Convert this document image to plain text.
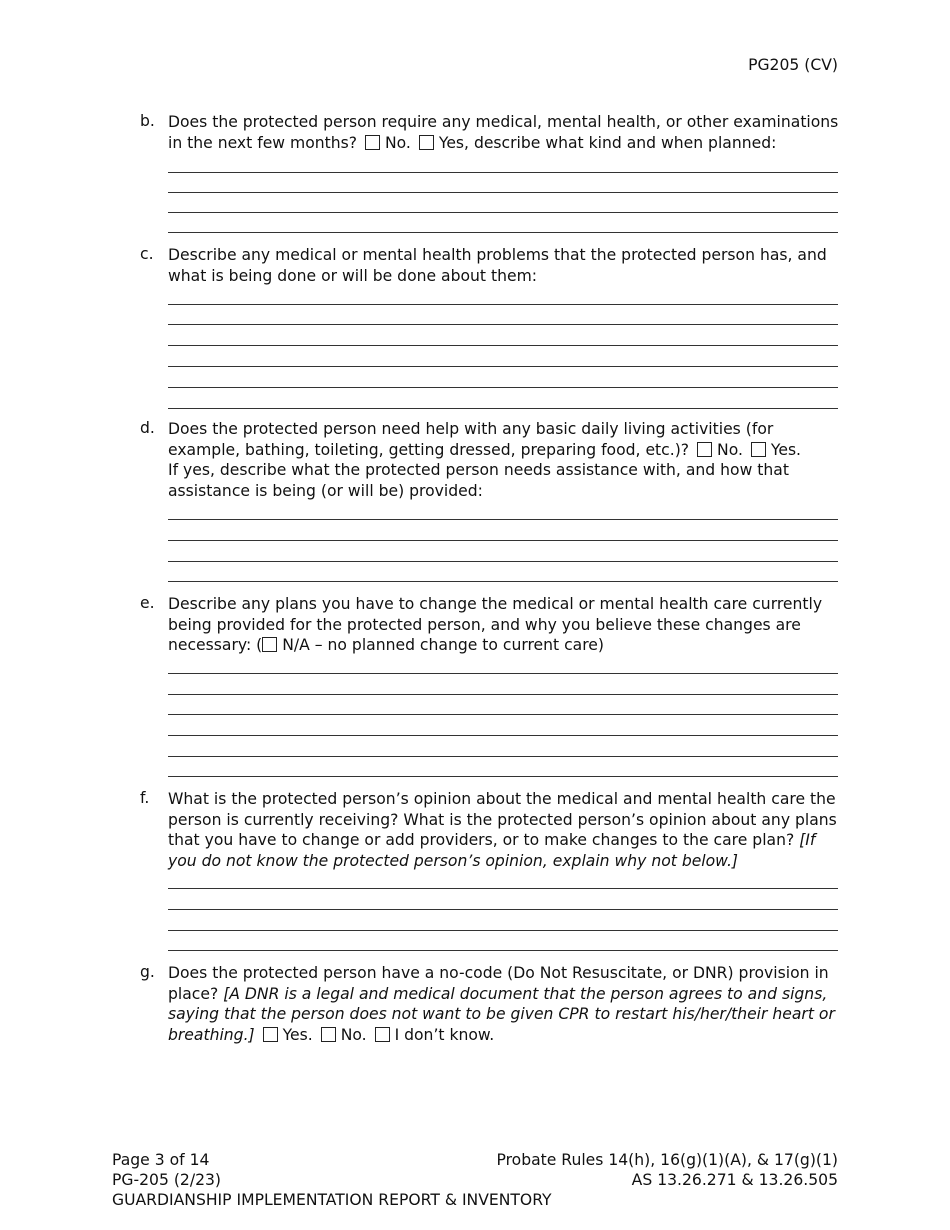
PG205 (CV)
b. Does the protected person require any medical, mental health, or other examinations in the next few months? No. Yes, describe what kind and when planned:
c. Describe any medical or mental health problems that the protected person has, and what is being done or will be done about them:
d. Does the protected person need help with any basic daily living activities (for example, bathing, toileting, getting dressed, preparing food, etc.)? No. Yes.
If yes, describe what the protected person needs assistance with, and how that assistance is being (or will be) provided:
e. Describe any plans you have to change the medical or mental health care currently being provided for the protected person, and why you believe these changes are necessary: ( N/A – no planned change to current care)
f. What is the protected person’s opinion about the medical and mental health care the person is currently receiving? What is the protected person’s opinion about any plans that you have to change or add providers, or to make changes to the care plan? [If you do not know the protected person’s opinion, explain why not below.]
g. Does the protected person have a no-code (Do Not Resuscitate, or DNR) provision in place? [A DNR is a legal and medical document that the person agrees to and signs, saying that the person does not want to be given CPR to restart his/her/their heart or breathing.] Yes. No. I don’t know.
Page 3 of 14
PG-205 (2/23)
GUARDIANSHIP IMPLEMENTATION REPORT & INVENTORY
Probate Rules 14(h), 16(g)(1)(A), & 17(g)(1)
AS 13.26.271 & 13.26.505
